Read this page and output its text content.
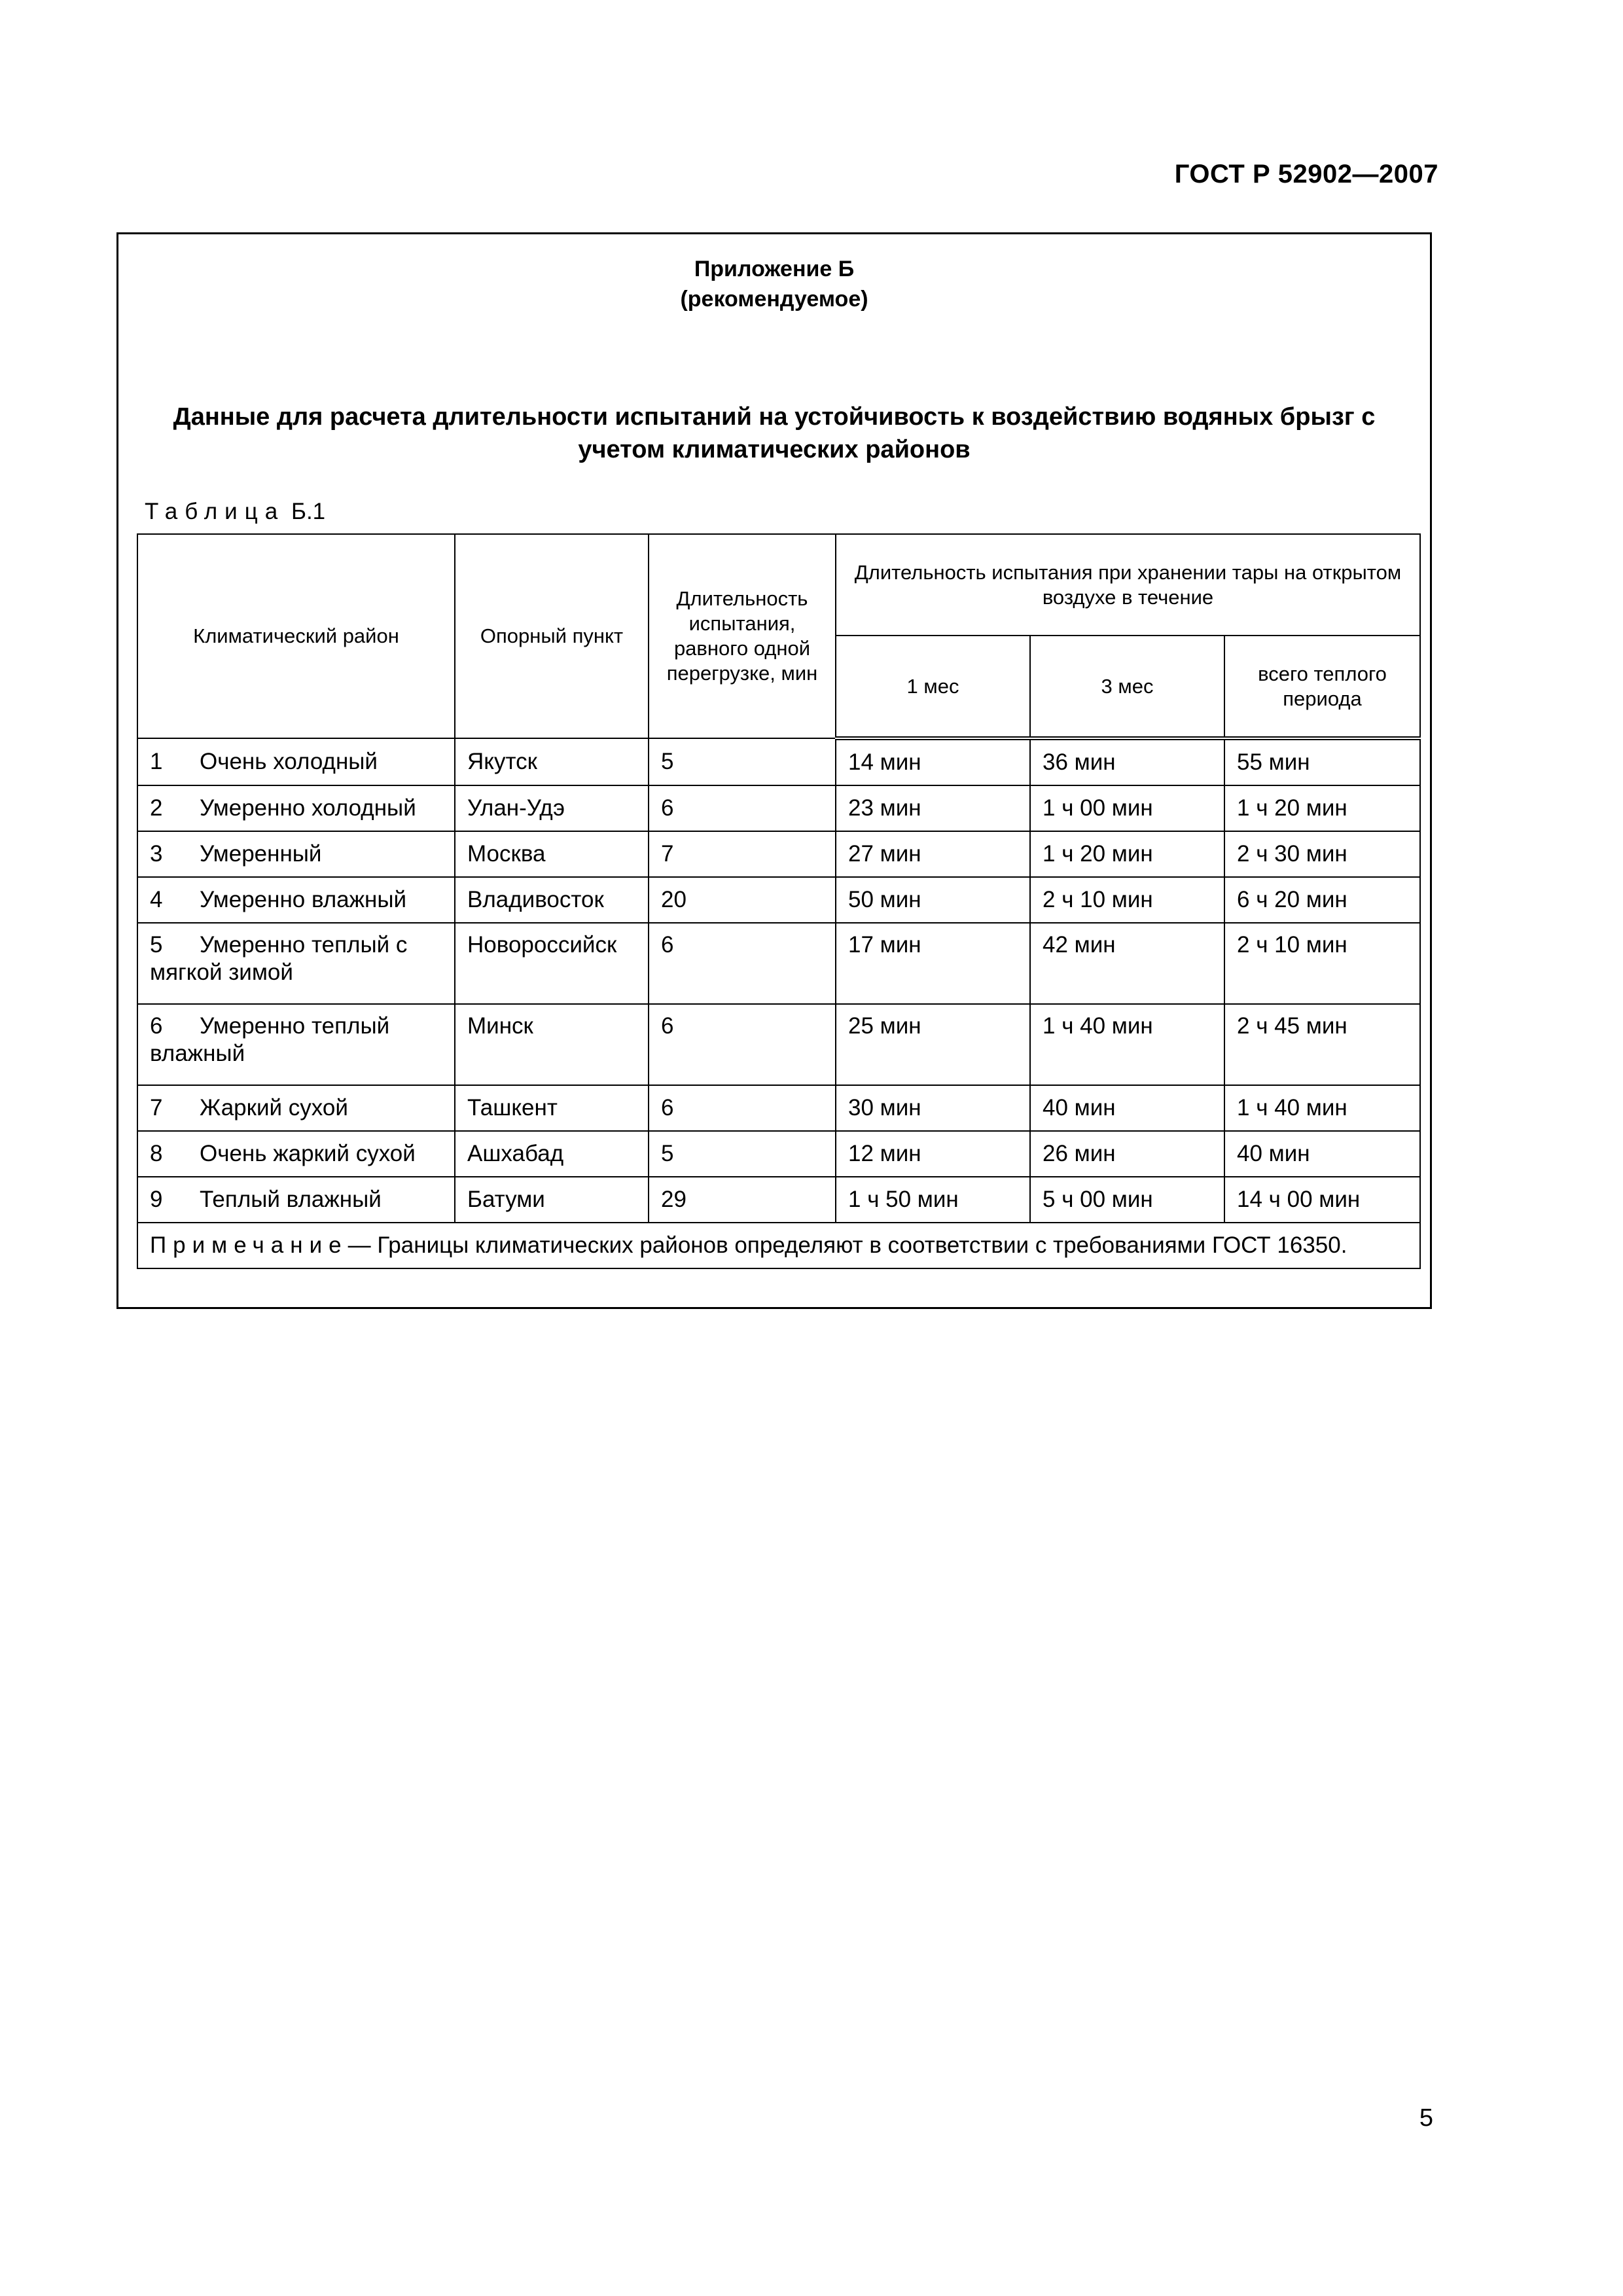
ГОСТ Р 52902—2007
Приложение Б
(рекомендуемое)
Данные для расчета длительности испытаний на устойчивость к воздействию водяных брызг с учетом климатических районов
Таблица Б.1
Климатический район	Опорный пункт	Длительность испытания, равного одной перегрузке, мин	Длительность испытания при хранении тары на открытом воздухе в течение		
			1 мес	3 мес	всего теплого периода
1 Очень холодный	Якутск	5	14 мин	36 мин	55 мин
2 Умеренно холодный	Улан-Удэ	6	23 мин	1 ч 00 мин	1 ч 20 мин
3 Умеренный	Москва	7	27 мин	1 ч 20 мин	2 ч 30 мин
4 Умеренно влажный	Владивосток	20	50 мин	2 ч 10 мин	6 ч 20 мин
5 Умеренно теплый с мягкой зимой	Новороссийск	6	17 мин	42 мин	2 ч 10 мин
6 Умеренно теплый влажный	Минск	6	25 мин	1 ч 40 мин	2 ч 45 мин
7 Жаркий сухой	Ташкент	6	30 мин	40 мин	1 ч 40 мин
8 Очень жаркий сухой	Ашхабад	5	12 мин	26 мин	40 мин
9 Теплый влажный	Батуми	29	1 ч 50 мин	5 ч 00 мин	14 ч 00 мин
Примечание— Границы климатических районов определяют в соответствии с требованиями ГОСТ 16350.					
5
